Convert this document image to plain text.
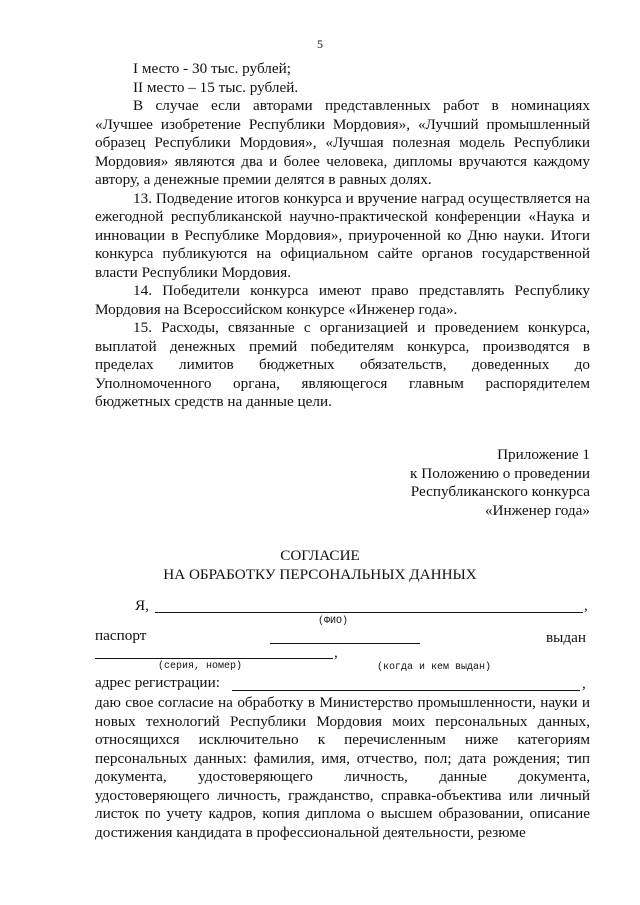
5

I место - 30 тыс. рублей;

II место – 15 тыс. рублей.

В случае если авторами представленных работ в номинациях «Лучшее изобретение Республики Мордовия», «Лучший промышленный образец Республики Мордовия», «Лучшая полезная модель Республики Мордовия» являются два и более человека, дипломы вручаются каждому автору, а денежные премии делятся в равных долях.

13. Подведение итогов конкурса и вручение наград осуществляется на ежегодной республиканской научно-практической конференции «Наука и инновации в Республике Мордовия», приуроченной ко Дню науки. Итоги конкурса публикуются на официальном сайте органов государственной власти Республики Мордовия.

14. Победители конкурса имеют право представлять Республику Мордовия на Всероссийском конкурсе «Инженер года».

15. Расходы, связанные с организацией и проведением конкурса, выплатой денежных премий победителям конкурса, производятся в пределах лимитов бюджетных обязательств, доведенных до Уполномоченного органа, являющегося главным распорядителем бюджетных средств на данные цели.

Приложение 1
к Положению о проведении
Республиканского конкурса
«Инженер года»
СОГЛАСИЕ
НА ОБРАБОТКУ ПЕРСОНАЛЬНЫХ ДАННЫХ
Я,	,
(ФИО)
паспорт	выдан
,
(серия, номер)	(когда и кем выдан)
адрес регистрации:	,

даю свое согласие на обработку в Министерство промышленности, науки и новых технологий Республики Мордовия моих персональных данных, относящихся исключительно к перечисленным ниже категориям персональных данных: фамилия, имя, отчество, пол; дата рождения; тип документа, удостоверяющего личность, данные документа, удостоверяющего личность, гражданство, справка-объектива или личный листок по учету кадров, копия диплома о высшем образовании, описание достижения кандидата в профессиональной деятельности, резюме
